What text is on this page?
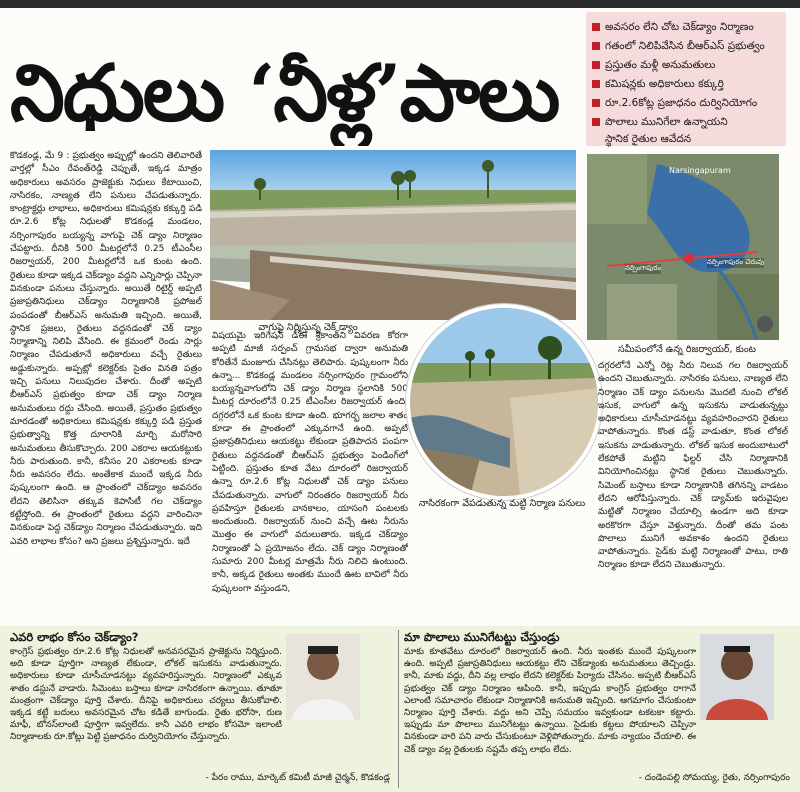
నిధులు ‘నీళ్ల’పాలు
అవసరం లేని చోట చెక్‌డ్యాం నిర్మాణం
గతంలో నిలిపివేసిన బీఆర్ఎస్ ప్రభుత్వం
ప్రస్తుతం మళ్లీ అనుమతులు
కమిషన్లకు అధికారులు కక్కుర్తి
రూ.2.6కోట్ల ప్రజాధనం దుర్వినియోగం
పొలాలు మునిగేలా ఉన్నాయని
స్థానిక రైతుల ఆవేదన

కొడకండ్ల, మే 9 : ప్రభుత్వం అప్పుల్లో ఉందని తెలివారితే వార్తల్లో సీఎం రేవంత్‌రెడ్డి చెప్పుతే, ఇక్కడ మాత్రం అధికారులు అవసరం ప్రాజెక్టుకు నిధులు కేటాయించి, నాసిరకం, నాణ్యత లేని పనులు చేపడుతున్నారు. కాంట్రాక్టర్లు లాభాలు, అధికారులు కమిషన్లకు కక్కుర్తి పడి రూ.2.6 కోట్ల నిధులతో కొడకండ్ల మండలం, నర్సింగాపురం బయ్యన్న వాగుపై చెక్ డ్యాం నిర్మాణం చేపట్టారు. దీనికి 500 మీటర్లలోనే 0.25 టీఎంసీల రిజర్వాయర్, 200 మీటర్లలోనే ఒక కుంట ఉంది. రైతులు కూడా ఇక్కడ చెక్‌డ్యాం వద్దని ఎన్నిసార్లు చెప్పినా వినకుండా పనులు చేస్తున్నారు. అయితే రిటైర్డ్ అప్పటి ప్రజాప్రతినిధులు చెక్‌డ్యాం నిర్మాణానికి ప్రపోజల్ పంపడంతో బీఆర్ఎస్ అనుమతి ఇచ్చింది. అయితే, స్థానిక ప్రజలు, రైతులు వద్దనడంతో చెక్ డ్యాం నిర్మాణాన్ని నిలిపి వేసింది. ఈ క్రమంలో రెండు సార్లు నిర్మాణం చేపడుతూనే అధికారులు వచ్చే రైతులు అడ్డుకున్నారు. అప్పట్లో కలెక్టర్‌కు సైతం వినతి పత్రం ఇచ్చి పనులు నిలుపుదల చేశారు. దీంతో అప్పటి బీఆర్ఎస్ ప్రభుత్వం కూడా చెక్ డ్యాం నిర్మాణ అనుమతులు రద్దు చేసింది. అయితే, ప్రస్తుతం ప్రభుత్వం మారడంతో అధికారులు కమిషన్లకు కక్కుర్తి పడి ప్రస్తుత ప్రభుత్వాన్ని కొత్త దూరానికి మార్చి మరోసారి అనుమతులు తీసుకొచ్చారు. 200 ఎకరాల ఆయకట్టుకు నీరు పారుతుంది. కానీ, కనీసం 20 ఎకరాలకు కూడా నీరు అవసరం లేదు. అంతేకాక ముందే ఇక్కడ నీరు పుష్కలంగా ఉంది. ఆ ప్రాంతంలో చెక్‌డ్యాం అవసరం లేదని తెలిసినా తక్కువ కెపాసిటీ గల చెక్‌డ్యాం కట్టేస్తోంది. ఈ ప్రాంతంలో రైతులు వద్దని వారించినా వినకుండా పెద్ద చెక్‌డ్యాం నిర్మాణం చేపడుతున్నారు. ఇది ఎవరి లాభాల కోసం? అని ప్రజలు ప్రశ్నిస్తున్నారు. ఇదే

వాగుపై నిర్మిస్తున్న చెక్ డ్యాం
Narsingapuram
నర్సింగాపురం
నర్సింగాపురం చెరువు
సమీపంలోనే ఉన్న రిజర్వాయర్, కుంట

విషయమై ఇరిగేషన్ డీఈ శ్రీకాంత్‌ని వివరణ కోరగా అప్పటి మాజీ సర్పంచ్ గ్రామసభ ద్వారా అనుమతి కోరితేనే మంజూరు చేసినట్లు తెలిపారు. పుష్కలంగా నీరు ఉన్నా... కొడకండ్ల మండలం నర్సింగాపురం గ్రామంలోని బయ్యన్నవాగులోని చెక్ డ్యాం నిర్మాణ స్థలానికి 500 మీటర్ల దూరంలోనే 0.25 టీఎంసీల రిజర్వాయర్ ఉంది. దగ్గరలోనే ఒక కుంట కూడా ఉంది. భూగర్భ జలాల శాతం కూడా ఈ ప్రాంతంలో ఎక్కువగానే ఉంది. అప్పటి ప్రజాప్రతినిధులు ఆయకట్టు లేకుండా ప్రతిపాదన పంపగా రైతులు వద్దనడంతో బీఆర్ఎస్ ప్రభుత్వం పెండింగ్‌లో పెట్టింది. ప్రస్తుతం కూత వేటు దూరంలో రిజర్వాయర్ ఉన్నా రూ.2.6 కోట్ల నిధులతో చెక్ డ్యాం పనులు చేపడుతున్నారు. వాగులో నిరంతరం రిజర్వాయర్ నీరు ప్రవహిస్తూ రైతులకు వానకాలం, యాసంగి పంటలకు అందుతుంది. రిజర్వాయర్ నుంచి వచ్చే ఊట నీరును మొత్తం ఈ వాగులో వదులుతారు. ఇక్కడ చెక్‌డ్యాం నిర్మాణంతో ఏ ప్రయోజనం లేదు. చెక్ డ్యాం నిర్మాణంతో సుమారు 200 మీటర్ల మాత్రమే నీరు నిలిచి ఉంటుంది. కానీ, అక్కడ రైతులు అంతకు ముందే ఊట బావిలో నీరు పుష్కలంగా వస్తుండని,

నాసిరకంగా వేపడుతున్న మట్టి నిర్మాణ పనులు

దగ్గరలోనే ఎన్నో రెట్ల నీరు నిలువ గల రిజర్వాయర్ ఉందని చెబుతున్నారు. నాసిరకం పనులు, నాణ్యత లేని నిర్మాణం చెక్ డ్యాం పనులను మొదటి నుంచి లోకల్ ఇసుక, వాగులో ఉన్న ఇసుకను వాడుతున్నట్టు అధికారులు చూసీచూడనట్టు వ్యవహరించారని రైతులు వాపోతున్నారు. కొంత డస్ట్ వాడుతూ, కొంత లోకల్ ఇసుకను వాడుతున్నారు. లోకల్ ఇసుక అందుబాటులో లేకపోతే మట్టిని ఫిల్టర్ చేసి నిర్మాణానికి వినియోగించినట్లు స్థానిక రైతులు చెబుతున్నారు. సిమెంట్ బస్తాలు కూడా నిర్మాణానికి తగినన్ని వాడటం లేదని ఆరోపిస్తున్నారు. చెక్ డ్యామ్‌కు ఇరువైపుల మట్టితో నిర్మాణం చేయాల్సి ఉండగా అది కూడా అరకొరగా చేస్తూ వెళ్తున్నారు. దీంతో తమ పంట పొలాలు మునిగే అవకాశం ఉందని రైతులు వాపోతున్నారు. సైడ్‌కు మట్టి నిర్మాణంతో పాటు, రాతి నిర్మాణం కూడా లేదని చెబుతున్నారు.

ఎవరి లాభం కోసం చెక్‌డ్యాం?
కాంగ్రెస్ ప్రభుత్వం రూ.2.6 కోట్ల నిధులతో అనవసరమైన ప్రాజెక్టును నిర్మిస్తుంది. అది కూడా పూర్తిగా నాణ్యత లేకుండా, లోకల్ ఇసుకను వాడుతున్నారు. అధికారులు కూడా చూసీచూడనట్టు వ్యవహరిస్తున్నారు. నిర్మాణంలో ఎక్కువ శాతం డస్టునే వాడారు. సిమెంటు బస్తాలు కూడా నాసిరకంగా ఉన్నాయి. తూతూ మంత్రంగా చెక్‌డ్యాం పూర్తి చేశారు. దీనిపై అధికారులు చర్యలు తీసుకోవాలి. ఇక్కడ కట్టే బదులు అవసరమైన చోట కడితే బాగుండు. రైతు భరోసా, రుణ మాఫీ, బోనస్‌లాంటి పూర్తిగా ఇవ్వలేదు. కానీ ఎవరి లాభం కోసమో ఇలాంటి నిర్మాణాలకు రూ.కోట్లు పెట్టి ప్రజాధనం దుర్వినియోగం చేస్తున్నారు.
- పేరం రాము, మార్కెట్ కమిటీ మాజీ చైర్మన్, కొడకండ్ల
మా పొలాలు మునిగేటట్టు చేస్తుండ్రు
మాకు కూతవేటు దూరంలో రిజర్వాయర్ ఉంది. నీరు ఇంతకు ముందే పుష్కలంగా ఉంది. అప్పటి ప్రజాప్రతినిధులు ఆయకట్టు లేని చెక్‌డ్యాంకు అనుమతులు తెచ్చిండ్రు. కానీ, మాకు వద్దు, దీని వల్ల లాభం లేదని కలెక్టర్‌కు పిర్యాదు చేసినం. అప్పటి బీఆర్ఎస్ ప్రభుత్వం చెక్ డ్యాం నిర్మాణం ఆపింది. కానీ, ఇప్పుడు కాంగ్రెస్ ప్రభుత్వం రాగానే ఎలాంటి సమాచారం లేకుండా నిర్మాణానికి అనుమతి ఇచ్చింది. ఆగమాగం చేసుకుంటా నిర్మాణం పూర్తి చేశారు. వద్దు అని చెప్పే సమయం ఇవ్వకుండా టకటకా కట్టారు. ఇప్పుడు మా పొలాలు మునిగేటట్టు ఉన్నాయి. సైడుకు కట్టలు పోయాలని చెప్పినా వినకుండా వారి పని వారు చేసుకుంటూ వెళ్లిపోతున్నారు. మాకు న్యాయం చేయాలి. ఈ చెక్ డ్యాం వల్ల రైతులకు నష్టమే తప్ప లాభం లేదు.
- దండెంపల్లి సోమయ్య, రైతు, నర్సింగాపురం
